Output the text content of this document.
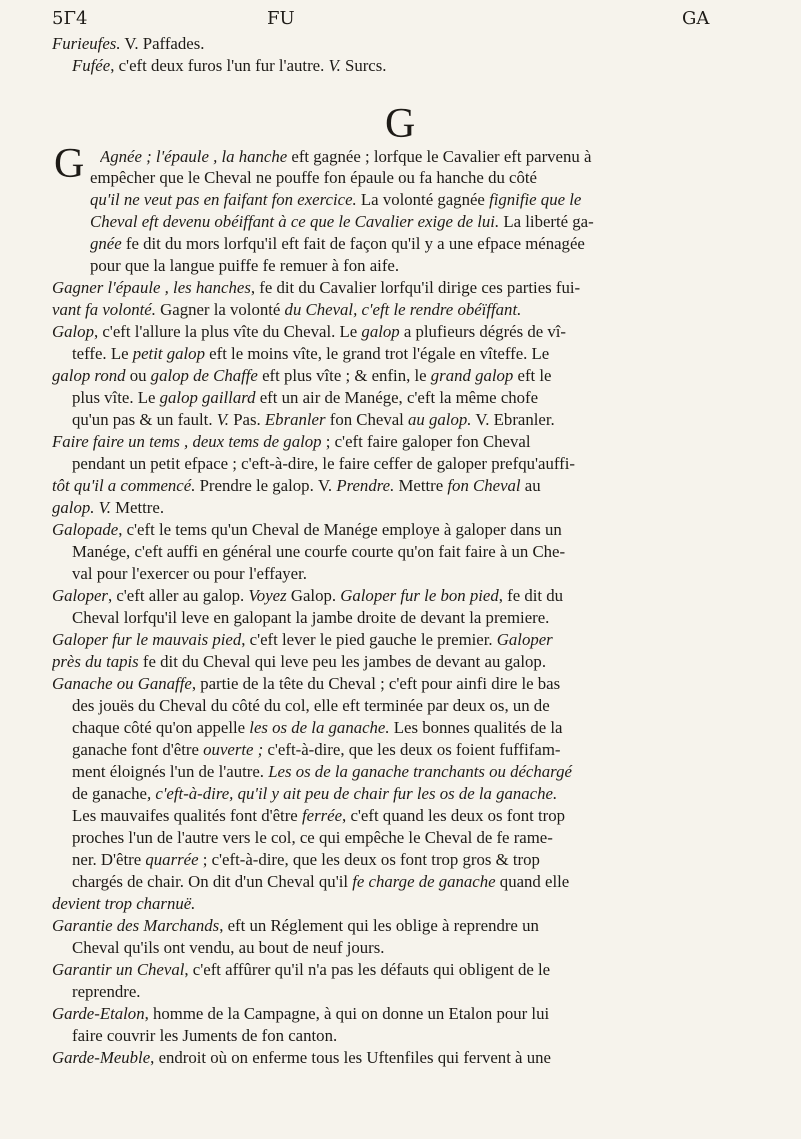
5Γ4	FU	GA
G
G
Furieufes. V. Paffades.
Fufée, c'eft deux furos l'un fur l'autre. V. Surcs.
Agnée ; l'épaule , la hanche eft gagnée ; lorfque le Cavalier eft parvenu à
empêcher que le Cheval ne pouffe fon épaule ou fa hanche du côté
qu'il ne veut pas en faifant fon exercice. La volonté gagnée fignifie que le
Cheval eft devenu obéiffant à ce que le Cavalier exige de lui. La liberté ga-
gnée fe dit du mors lorfqu'il eft fait de façon qu'il y a une efpace ménagée
pour que la langue puiffe fe remuer à fon aife.
Gagner l'épaule , les hanches, fe dit du Cavalier lorfqu'il dirige ces parties fui-
vant fa volonté. Gagner la volonté du Cheval, c'eft le rendre obéïffant.
Galop, c'eft l'allure la plus vîte du Cheval. Le galop a plufieurs dégrés de vî-
teffe. Le petit galop eft le moins vîte, le grand trot l'égale en vîteffe. Le
galop rond ou galop de Chaffe eft plus vîte ; & enfin, le grand galop eft le
plus vîte. Le galop gaillard eft un air de Manége, c'eft la même chofe
qu'un pas & un fault. V. Pas. Ebranler fon Cheval au galop. V. Ebranler.
Faire faire un tems , deux tems de galop ; c'eft faire galoper fon Cheval
pendant un petit efpace ; c'eft-à-dire, le faire ceffer de galoper prefqu'auffi-
tôt qu'il a commencé. Prendre le galop. V. Prendre. Mettre fon Cheval au
galop. V. Mettre.
Galopade, c'eft le tems qu'un Cheval de Manége employe à galoper dans un
Manége, c'eft auffi en général une courfe courte qu'on fait faire à un Che-
val pour l'exercer ou pour l'effayer.
Galoper, c'eft aller au galop. Voyez Galop. Galoper fur le bon pied, fe dit du
Cheval lorfqu'il leve en galopant la jambe droite de devant la premiere.
Galoper fur le mauvais pied, c'eft lever le pied gauche le premier. Galoper
près du tapis fe dit du Cheval qui leve peu les jambes de devant au galop.
Ganache ou Ganaffe, partie de la tête du Cheval ; c'eft pour ainfi dire le bas
des jouës du Cheval du côté du col, elle eft terminée par deux os, un de
chaque côté qu'on appelle les os de la ganache. Les bonnes qualités de la
ganache font d'être ouverte ; c'eft-à-dire, que les deux os foient fuffifam-
ment éloignés l'un de l'autre. Les os de la ganache tranchants ou déchargé
de ganache, c'eft-à-dire, qu'il y ait peu de chair fur les os de la ganache.
Les mauvaifes qualités font d'être ferrée, c'eft quand les deux os font trop
proches l'un de l'autre vers le col, ce qui empêche le Cheval de fe rame-
ner. D'être quarrée ; c'eft-à-dire, que les deux os font trop gros & trop
chargés de chair. On dit d'un Cheval qu'il fe charge de ganache quand elle
devient trop charnuë.
Garantie des Marchands, eft un Réglement qui les oblige à reprendre un
Cheval qu'ils ont vendu, au bout de neuf jours.
Garantir un Cheval, c'eft affûrer qu'il n'a pas les défauts qui obligent de le
reprendre.
Garde-Etalon, homme de la Campagne, à qui on donne un Etalon pour lui
faire couvrir les Juments de fon canton.
Garde-Meuble, endroit où on enferme tous les Uftenfiles qui fervent à une
